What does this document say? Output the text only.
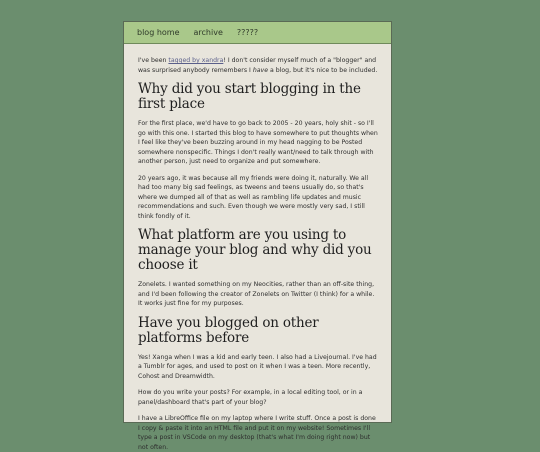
blog home archive ?????

I've been tagged by xandra! I don't consider myself much of a "blogger" and was surprised anybody remembers I have a blog, but it's nice to be included.

Why did you start blogging in the first place

For the first place, we'd have to go back to 2005 - 20 years, holy shit - so I'll go with this one. I started this blog to have somewhere to put thoughts when I feel like they've been buzzing around in my head nagging to be Posted somewhere nonspecific. Things I don't really want/need to talk through with another person, just need to organize and put somewhere.

20 years ago, it was because all my friends were doing it, naturally. We all had too many big sad feelings, as tweens and teens usually do, so that's where we dumped all of that as well as rambling life updates and music recommendations and such. Even though we were mostly very sad, I still think fondly of it.

What platform are you using to manage your blog and why did you choose it

Zonelets. I wanted something on my Neocities, rather than an off-site thing, and I'd been following the creator of Zonelets on Twitter (I think) for a while. It works just fine for my purposes.

Have you blogged on other platforms before

Yes! Xanga when I was a kid and early teen. I also had a Livejournal. I've had a Tumblr for ages, and used to post on it when I was a teen. More recently, Cohost and Dreamwidth.

How do you write your posts? For example, in a local editing tool, or in a panel/dashboard that's part of your blog?

I have a LibreOffice file on my laptop where I write stuff. Once a post is done I copy & paste it into an HTML file and put it on my website! Sometimes I'll type a post in VSCode on my desktop (that's what I'm doing right now) but not often.
